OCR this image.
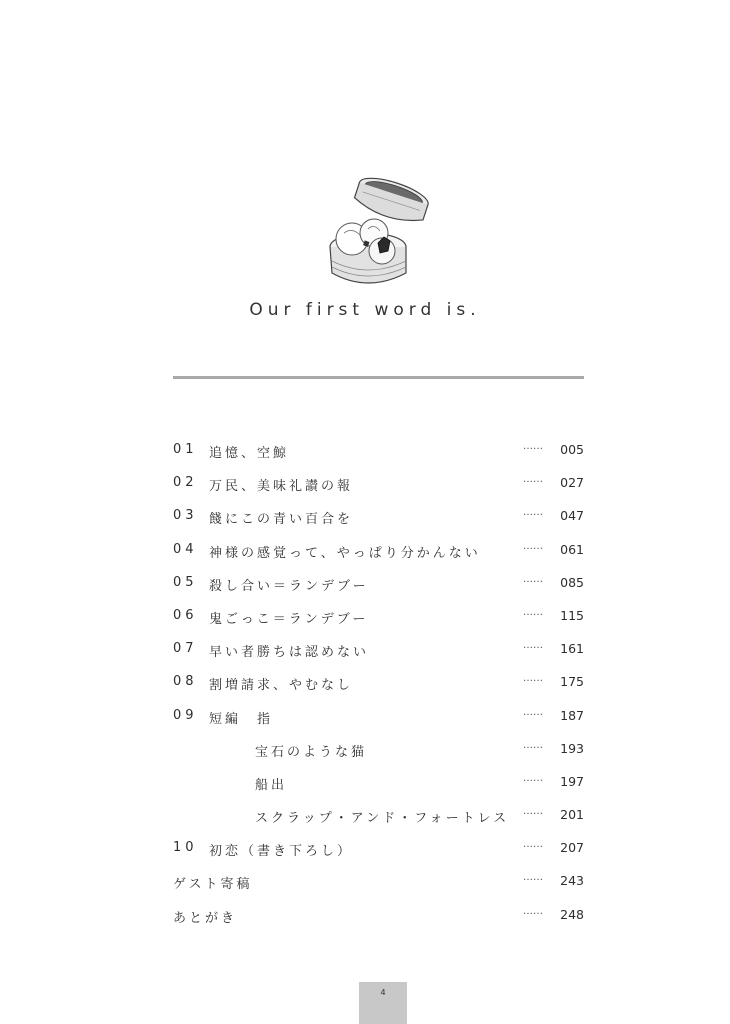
Our first word is.
01 追憶、空鯨	…… 005
02 万民、美味礼讃の報	…… 027
03 餞にこの青い百合を	…… 047
04 神様の感覚って、やっぱり分かんない	…… 061
05 殺し合い＝ランデブー	…… 085
06 鬼ごっこ＝ランデブー	…… 115
07 早い者勝ちは認めない	…… 161
08 割増請求、やむなし	…… 175
09 短編　指	…… 187
宝石のような猫	…… 193
船出	…… 197
スクラップ・アンド・フォートレス …… 201
10 初恋（書き下ろし）	…… 207
ゲスト寄稿	…… 243
あとがき	…… 248
4
